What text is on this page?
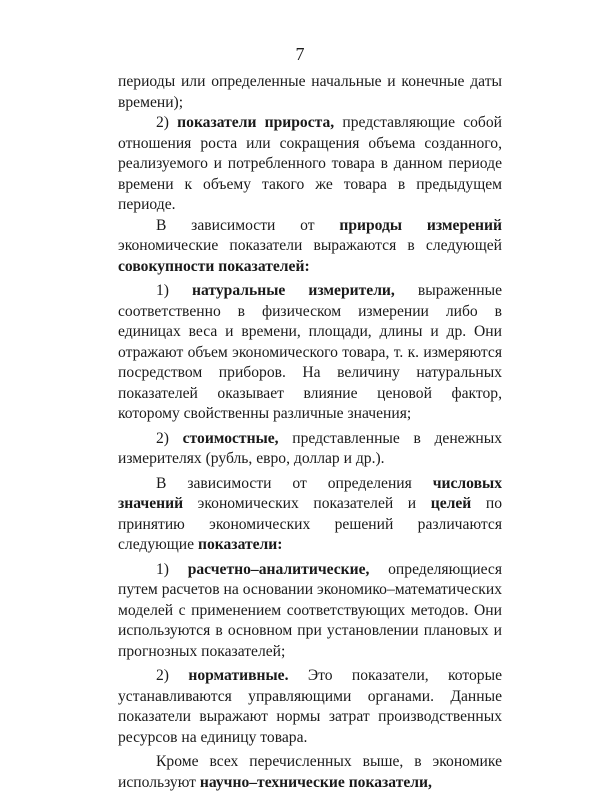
7

периоды или определенные начальные и конечные даты времени);

2) показатели прироста, представляющие собой отношения роста или сокращения объема созданного, реализуемого и потребленного товара в данном периоде времени к объему такого же товара в предыдущем периоде.

В зависимости от природы измерений экономические показатели выражаются в следующей совокупности показателей:

1) натуральные измерители, выраженные соответственно в физическом измерении либо в единицах веса и времени, площади, длины и др. Они отражают объем экономического товара, т. к. измеряются посредством приборов. На величину натуральных показателей оказывает влияние ценовой фактор, которому свойственны различные значения;

2) стоимостные, представленные в денежных измерителях (рубль, евро, доллар и др.).

В зависимости от определения числовых значений экономических показателей и целей по принятию экономических решений различаются следующие показатели:

1) расчетно–аналитические, определяющиеся путем расчетов на основании экономико–математических моделей с применением соответствующих методов. Они используются в основном при установлении плановых и прогнозных показателей;

2) нормативные. Это показатели, которые устанавливаются управляющими органами. Данные показатели выражают нормы затрат производственных ресурсов на единицу товара.

Кроме всех перечисленных выше, в экономике используют научно–технические показатели,
